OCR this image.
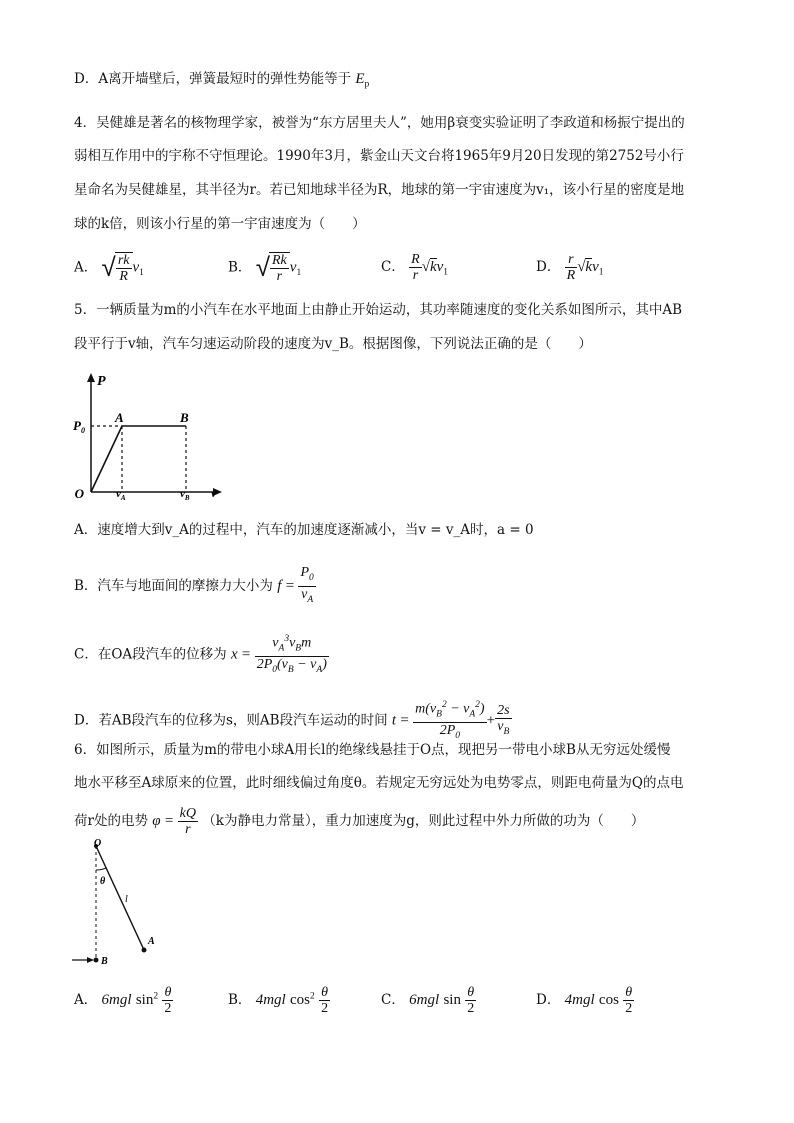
D．A离开墙壁后，弹簧最短时的弹性势能等于 $E_p$
4．吴健雄是著名的核物理学家，被誉为“东方居里夫人”，她用β衰变实验证明了李政道和杨振宁提出的
弱相互作用中的宇称不守恒理论。1990年3月，紫金山天文台将1965年9月20日发现的第2752号小行
星命名为吴健雄星，其半径为r。若已知地球半径为R，地球的第一宇宙速度为v₁，该小行星的密度是地
球的k倍，则该小行星的第一宇宙速度为（　　）
A． √ $\frac{rk}{R} v_1$	B． √ $\frac{Rk}{r} v_1$	C． $\frac{R}{r} √kv_1$	D． $\frac{r}{R} √kv_1$
5．一辆质量为m的小汽车在水平地面上由静止开始运动，其功率随速度的变化关系如图所示，其中AB
段平行于v轴，汽车匀速运动阶段的速度为v_B。根据图像，下列说法正确的是（　　）
P
O
$P_0$
A	B
$v_A$	$v_B$ v
A．速度增大到v_A的过程中，汽车的加速度逐渐减小，当v = v_A时，a = 0
B．汽车与地面间的摩擦力大小为 $f = \frac{P_0}{v_A}$
C．在OA段汽车的位移为 $x = \frac{v_A^3v_Bm}{2P_0(v_B - v_A)}$
D．若AB段汽车的位移为s，则AB段汽车运动的时间 $t = \frac{m(v_B^2 - v_A^2)}{2P_0} + \frac{2s}{v_B}$
6．如图所示，质量为m的带电小球A用长l的绝缘线悬挂于O点，现把另一带电小球B从无穷远处缓慢
地水平移至A球原来的位置，此时细线偏过角度θ。若规定无穷远处为电势零点，则距电荷量为Q的点电
荷r处的电势 $\varphi = \frac{kQ}{r} (k$为静电力常量），重力加速度为g，则此过程中外力所做的功为（　　）
O
θ
l
A
B
A． 6mgl $\sin^2 \frac{\theta}{2}$	B． 4mgl $\cos^2 \frac{\theta}{2}$	C． 6mgl $\sin \frac{\theta}{2}$	D． 4mgl $\cos \frac{\theta}{2}$
